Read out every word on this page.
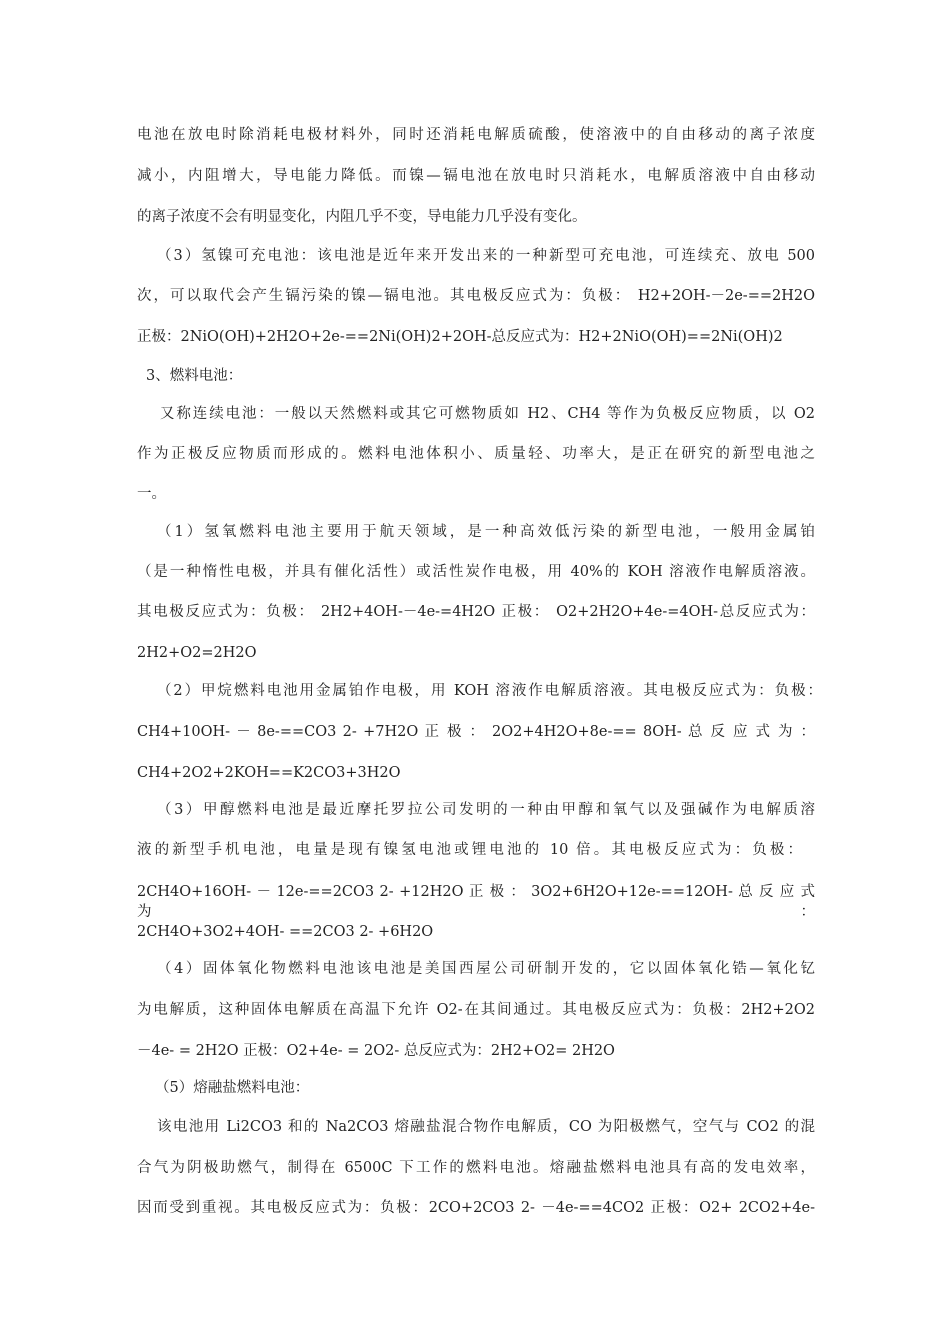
电池在放电时除消耗电极材料外，同时还消耗电解质硫酸，使溶液中的自由移动的离子浓度
减小，内阻增大，导电能力降低。而镍—镉电池在放电时只消耗水，电解质溶液中自由移动
的离子浓度不会有明显变化，内阻几乎不变，导电能力几乎没有变化。
（3）氢镍可充电池：该电池是近年来开发出来的一种新型可充电池，可连续充、放电 500
次，可以取代会产生镉污染的镍—镉电池。其电极反应式为：负极： H2+2OH-－2e-==2H2O
正极：2NiO(OH)+2H2O+2e-==2Ni(OH)2+2OH-总反应式为：H2+2NiO(OH)==2Ni(OH)2
3、燃料电池：
又称连续电池：一般以天然燃料或其它可燃物质如 H2、CH4 等作为负极反应物质，以 O2
作为正极反应物质而形成的。燃料电池体积小、质量轻、功率大，是正在研究的新型电池之
一。
（1）氢氧燃料电池主要用于航天领域，是一种高效低污染的新型电池，一般用金属铂
（是一种惰性电极，并具有催化活性）或活性炭作电极，用 40%的 KOH 溶液作电解质溶液。
其电极反应式为：负极： 2H2+4OH-－4e-=4H2O 正极： O2+2H2O+4e-=4OH-总反应式为：
2H2+O2=2H2O
（2）甲烷燃料电池用金属铂作电极，用 KOH 溶液作电解质溶液。其电极反应式为：负极：
CH4+10OH- － 8e-==CO3 2- +7H2O 正 极 ： 2O2+4H2O+8e-== 8OH- 总 反 应 式 为 ：
CH4+2O2+2KOH==K2CO3+3H2O
（3）甲醇燃料电池是最近摩托罗拉公司发明的一种由甲醇和氧气以及强碱作为电解质溶
液的新型手机电池，电量是现有镍氢电池或锂电池的 10 倍。其电极反应式为：负极：
2CH4O+16OH- － 12e-==2CO3 2- +12H2O 正 极 ： 3O2+6H2O+12e-==12OH- 总 反 应 式 为 ：
2CH4O+3O2+4OH- ==2CO3 2- +6H2O
（4）固体氧化物燃料电池该电池是美国西屋公司研制开发的，它以固体氧化锆—氧化钇
为电解质，这种固体电解质在高温下允许 O2-在其间通过。其电极反应式为：负极：2H2+2O2
－4e- = 2H2O 正极：O2+4e- = 2O2- 总反应式为：2H2+O2= 2H2O
（5）熔融盐燃料电池：
该电池用 Li2CO3 和的 Na2CO3 熔融盐混合物作电解质，CO 为阳极燃气，空气与 CO2 的混
合气为阴极助燃气，制得在 6500C 下工作的燃料电池。熔融盐燃料电池具有高的发电效率，
因而受到重视。其电极反应式为：负极：2CO+2CO3 2- －4e-==4CO2 正极：O2+ 2CO2+4e-
